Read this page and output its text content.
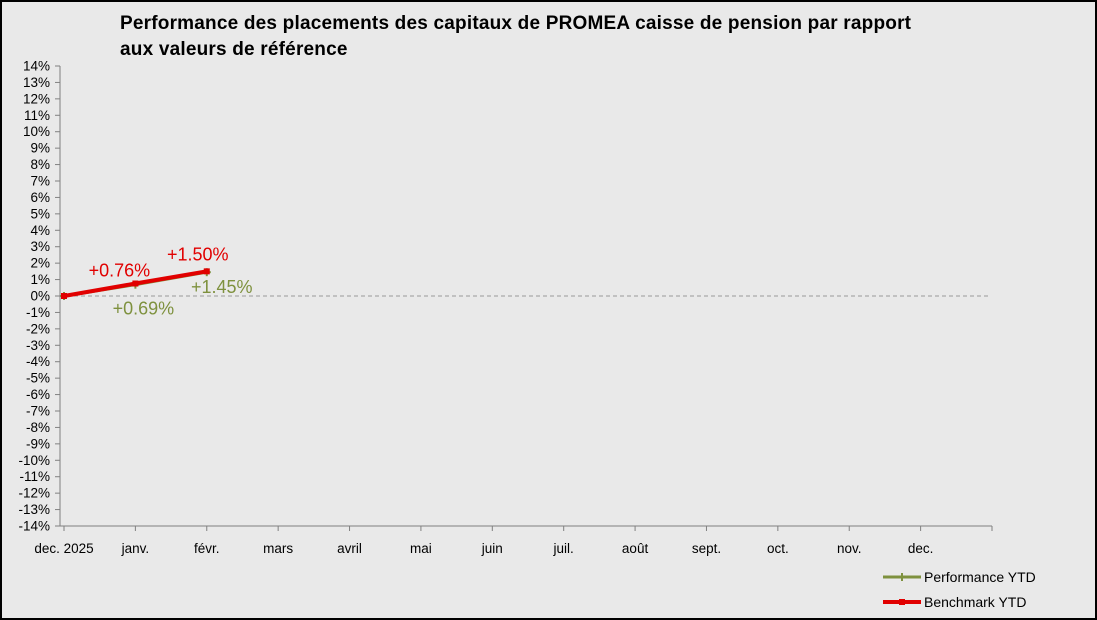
Performance des placements des capitaux de PROMEA caisse de pension par rapport aux valeurs de référence
14%
13%
12%
11%
10%
9%
8%
7%
6%
5%
4%
3%
2%
1%
0%
-1%
-2%
-3%
-4%
-5%
-6%
-7%
-8%
-9%
-10%
-11%
-12%
-13%
-14%
dec. 2025 janv.	févr.	mars	avril	mai	juin	juil.	août	sept.	oct.	nov.	dec.
+0.69%
+1.45%
+0.76%
+1.50%
Performance YTD
Benchmark YTD
